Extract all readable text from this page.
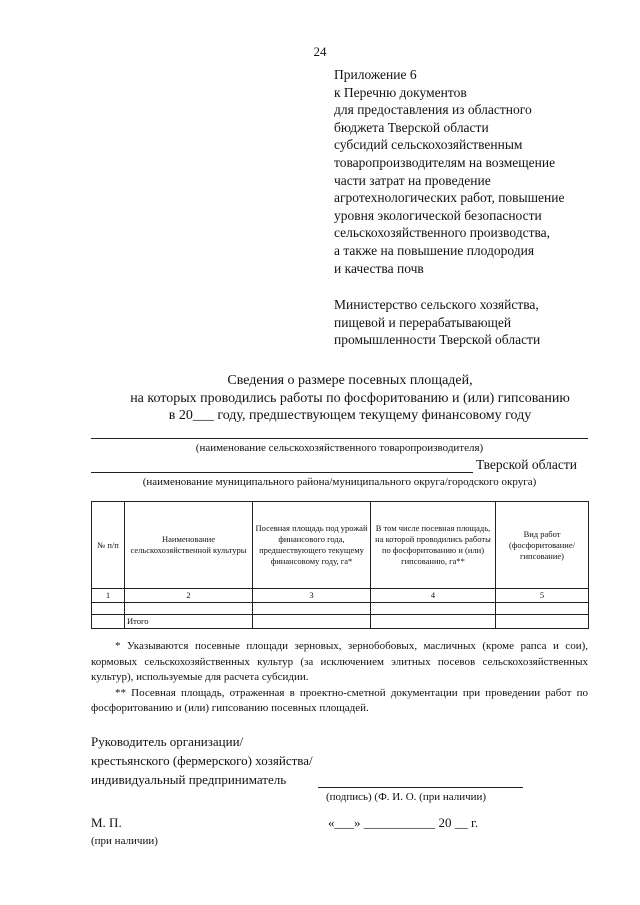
24
Приложение 6
к Перечню документов
для предоставления из областного
бюджета Тверской области
субсидий сельскохозяйственным
товаропроизводителям на возмещение
части затрат на проведение
агротехнологических работ, повышение
уровня экологической безопасности
сельскохозяйственного производства,
а также на повышение плодородия
и качества почв
Министерство сельского хозяйства,
пищевой и перерабатывающей
промышленности Тверской области
Сведения о размере посевных площадей,
на которых проводились работы по фосфоритованию и (или) гипсованию
в 20___ году, предшествующем текущему финансовому году
(наименование сельскохозяйственного товаропроизводителя)
Тверской области
(наименование муниципального района/муниципального округа/городского округа)
№ п/п	Наименование сельскохозяйственной культуры	Посевная площадь под урожай финансового года, предшествующего текущему финансовому году, га*	В том числе посевная площадь, на которой проводились работы по фосфоритованию и (или) гипсованию, га**	Вид работ (фосфоритование/ гипсование)
1	2	3	4	5

	Итого			

* Указываются посевные площади зерновых, зернобобовых, масличных (кроме рапса и сои), кормовых сельскохозяйственных культур (за исключением элитных посевов сельскохозяйственных культур), используемые для расчета субсидии.

** Посевная площадь, отраженная в проектно-сметной документации при проведении работ по фосфоритованию и (или) гипсованию посевных площадей.

Руководитель организации/
крестьянского (фермерского) хозяйства/
индивидуальный предприниматель
(подпись) (Ф. И. О. (при наличии)
М. П.
(при наличии)
«___» ___________ 20 __ г.
